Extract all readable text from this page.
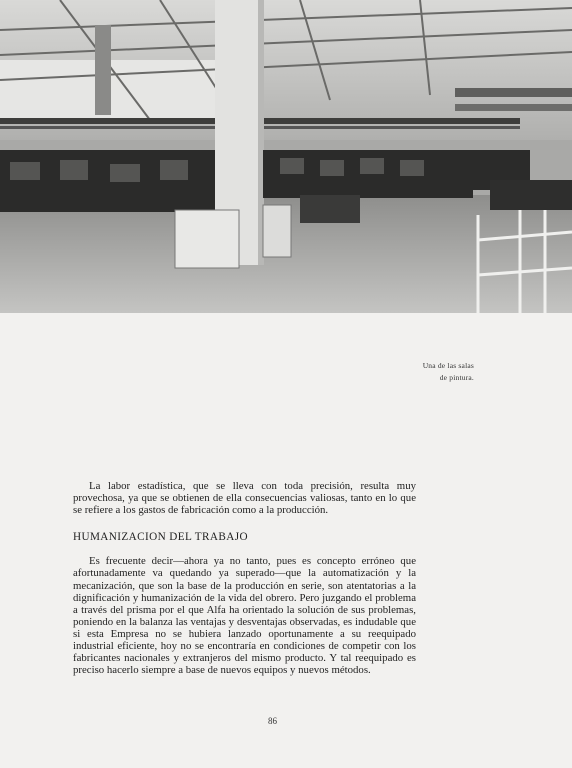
Una de las salas
de pintura.

La labor estadística, que se lleva con toda precisión, resulta muy provechosa, ya que se obtienen de ella consecuencias valiosas, tanto en lo que se refiere a los gastos de fabricación como a la producción.

HUMANIZACION DEL TRABAJO

Es frecuente decir—ahora ya no tanto, pues es concepto erróneo que afortunadamente va quedando ya superado—que la automatización y la mecanización, que son la base de la producción en serie, son atentatorias a la dignificación y humanización de la vida del obrero. Pero juzgando el problema a través del prisma por el que Alfa ha orientado la solución de sus problemas, poniendo en la balanza las ventajas y desventajas observadas, es indudable que si esta Empresa no se hubiera lanzado oportunamente a su reequipado industrial eficiente, hoy no se encontraría en condiciones de competir con los fabricantes nacionales y extranjeros del mismo producto. Y tal reequipado es preciso hacerlo siempre a base de nuevos equipos y nuevos métodos.

86
